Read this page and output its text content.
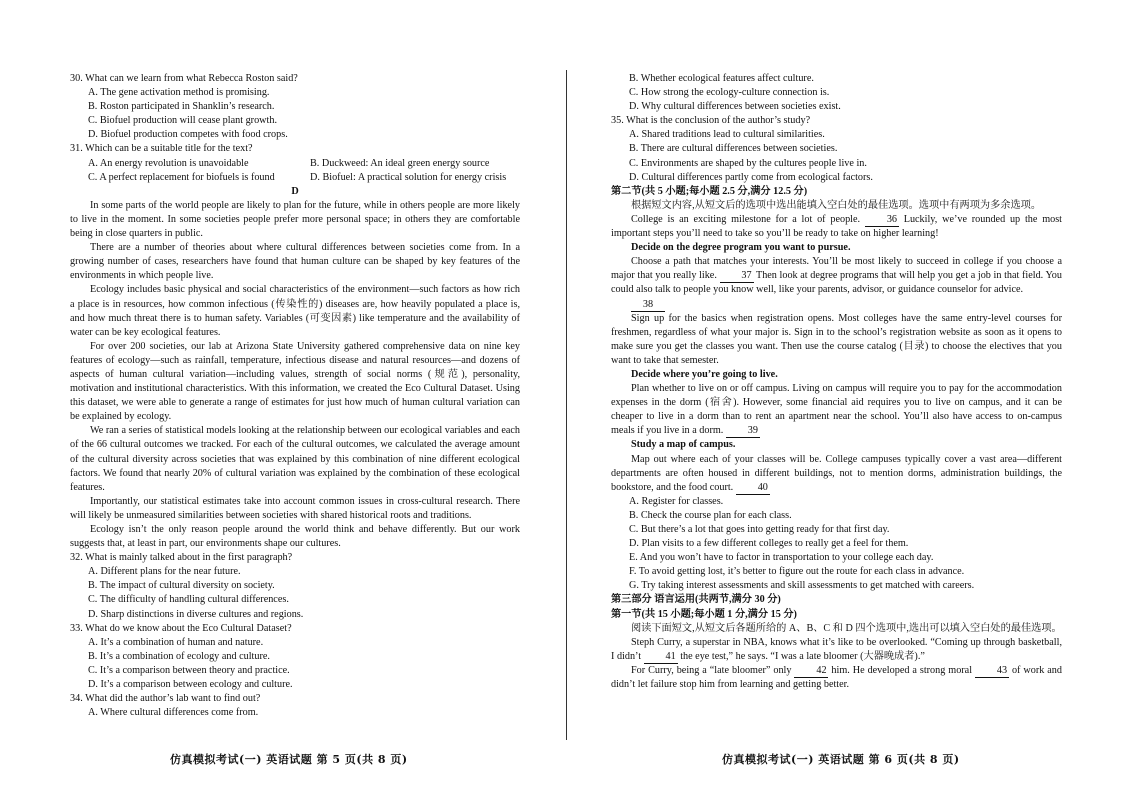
30. What can we learn from what Rebecca Roston said?

A. The gene activation method is promising.

B. Roston participated in Shanklin’s research.

C. Biofuel production will cease plant growth.

D. Biofuel production competes with food crops.

31. Which can be a suitable title for the text?

A. An energy revolution is unavoidable	B. Duckweed: An ideal green energy source
C. A perfect replacement for biofuels is found	D. Biofuel: A practical solution for energy crisis

D

In some parts of the world people are likely to plan for the future, while in others people are more likely to live in the moment. In some societies people prefer more personal space; in others they are comfortable being in close quarters in public.

There are a number of theories about where cultural differences between societies come from. In a growing number of cases, researchers have found that human culture can be shaped by key features of the environments in which people live.

Ecology includes basic physical and social characteristics of the environment—such factors as how rich a place is in resources, how common infectious (传染性的) diseases are, how heavily populated a place is, and how much threat there is to human safety. Variables (可变因素) like temperature and the availability of water can be key ecological features.

For over 200 societies, our lab at Arizona State University gathered comprehensive data on nine key features of ecology—such as rainfall, temperature, infectious disease and natural resources—and dozens of aspects of human cultural variation—including values, strength of social norms (规范), personality, motivation and institutional characteristics. With this information, we created the Eco Cultural Dataset. Using this dataset, we were able to generate a range of estimates for just how much of human cultural variation can be explained by ecology.

We ran a series of statistical models looking at the relationship between our ecological variables and each of the 66 cultural outcomes we tracked. For each of the cultural outcomes, we calculated the average amount of the cultural diversity across societies that was explained by this combination of nine different ecological factors. We found that nearly 20% of cultural variation was explained by the combination of these ecological features.

Importantly, our statistical estimates take into account common issues in cross-cultural research. There will likely be unmeasured similarities between societies with shared historical roots and traditions.

Ecology isn’t the only reason people around the world think and behave differently. But our work suggests that, at least in part, our environments shape our cultures.

32. What is mainly talked about in the first paragraph?

A. Different plans for the near future.

B. The impact of cultural diversity on society.

C. The difficulty of handling cultural differences.

D. Sharp distinctions in diverse cultures and regions.

33. What do we know about the Eco Cultural Dataset?

A. It’s a combination of human and nature.

B. It’s a combination of ecology and culture.

C. It’s a comparison between theory and practice.

D. It’s a comparison between ecology and culture.

34. What did the author’s lab want to find out?

A. Where cultural differences come from.

B. Whether ecological features affect culture.

C. How strong the ecology-culture connection is.

D. Why cultural differences between societies exist.

35. What is the conclusion of the author’s study?

A. Shared traditions lead to cultural similarities.

B. There are cultural differences between societies.

C. Environments are shaped by the cultures people live in.

D. Cultural differences partly come from ecological factors.

第二节(共 5 小题;每小题 2.5 分,满分 12.5 分)

根据短文内容,从短文后的选项中选出能填入空白处的最佳选项。选项中有两项为多余选项。

College is an exciting milestone for a lot of people.	36 Luckily, we’ve rounded up the most important steps you’ll need to take so you’ll be ready to take on higher learning!

Decide on the degree program you want to pursue.

Choose a path that matches your interests. You’ll be most likely to succeed in college if you choose a major that you really like. 37 Then look at degree programs that will help you get a job in that field. You could also talk to people you know well, like your parents, advisor, or guidance counselor for advice.

38

Sign up for the basics when registration opens. Most colleges have the same entry-level courses for freshmen, regardless of what your major is. Sign in to the school’s registration website as soon as it opens to make sure you get the classes you want. Then use the course catalog (目录) to choose the electives that you want to take that semester.

Decide where you’re going to live.

Plan whether to live on or off campus. Living on campus will require you to pay for the accommodation expenses in the dorm (宿舍). However, some financial aid requires you to live on campus, and it can be cheaper to live in a dorm than to rent an apartment near the school. You’ll also have access to on-campus meals if you live in a dorm. 39

Study a map of campus.

Map out where each of your classes will be. College campuses typically cover a vast area—different departments are often housed in different buildings, not to mention dorms, administration buildings, the bookstore, and the food court. 40

A. Register for classes.

B. Check the course plan for each class.

C. But there’s a lot that goes into getting ready for that first day.

D. Plan visits to a few different colleges to really get a feel for them.

E. And you won’t have to factor in transportation to your college each day.

F. To avoid getting lost, it’s better to figure out the route for each class in advance.

G. Try taking interest assessments and skill assessments to get matched with careers.

第三部分 语言运用(共两节,满分 30 分)

第一节(共 15 小题;每小题 1 分,满分 15 分)

阅读下面短文,从短文后各题所给的 A、B、C 和 D 四个选项中,选出可以填入空白处的最佳选项。

Steph Curry, a superstar in NBA, knows what it’s like to be overlooked. “Coming up through basketball, I didn’t 41 the eye test,” he says. “I was a late bloomer (大器晚成者).”

For Curry, being a “late bloomer” only 42 him. He developed a strong moral 43 of work and didn’t let failure stop him from learning and getting better.

仿真模拟考试(一) 英语试题 第 5 页(共 8 页)	仿真模拟考试(一) 英语试题 第 6 页(共 8 页)
